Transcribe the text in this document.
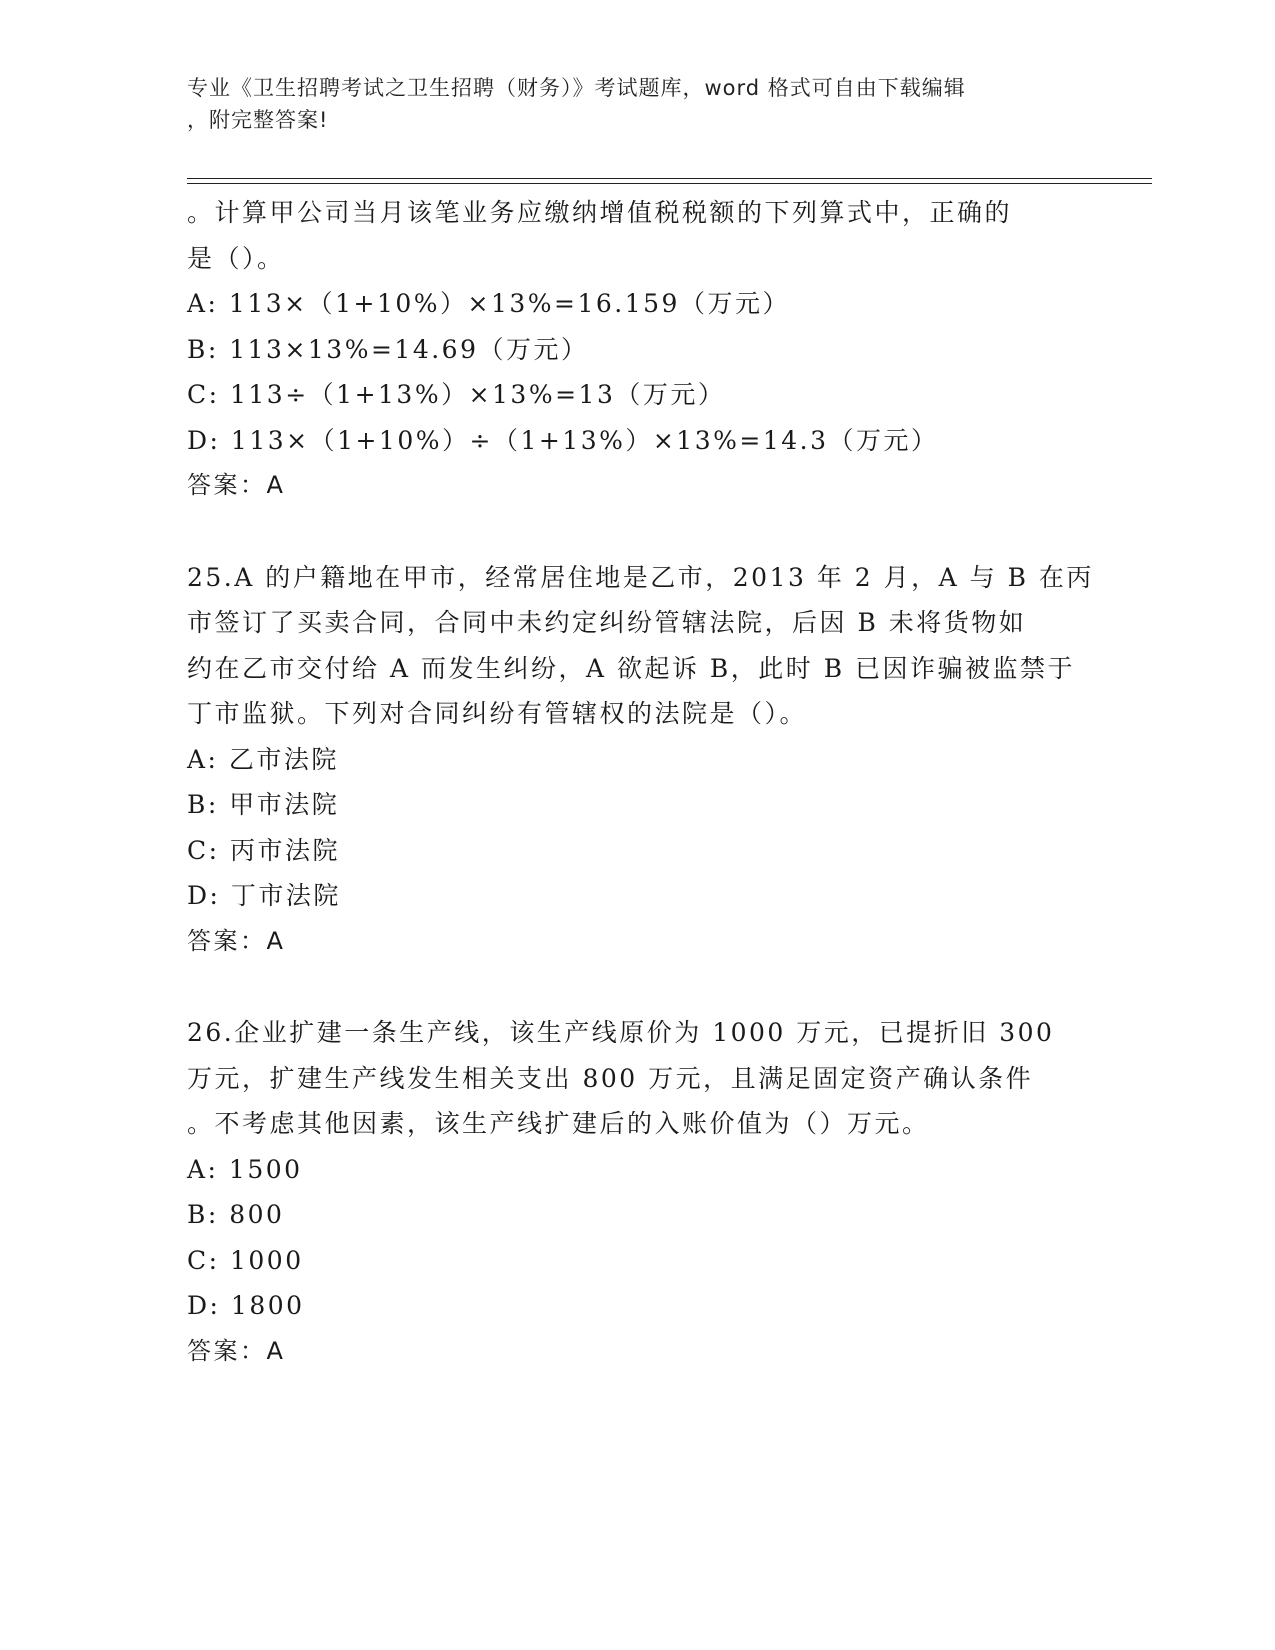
专业《卫生招聘考试之卫生招聘（财务）》考试题库，word 格式可自由下载编辑
，附完整答案!
。计算甲公司当月该笔业务应缴纳增值税税额的下列算式中，正确的
是（）。
A: 113×（1+10%）×13%=16.159（万元）
B: 113×13%=14.69（万元）
C: 113÷（1+13%）×13%=13（万元）
D: 113×（1+10%）÷（1+13%）×13%=14.3（万元）
答案：A
25.A 的户籍地在甲市，经常居住地是乙市，2013 年 2 月，A 与 B 在丙
市签订了买卖合同，合同中未约定纠纷管辖法院，后因 B 未将货物如
约在乙市交付给 A 而发生纠纷，A 欲起诉 B，此时 B 已因诈骗被监禁于
丁市监狱。下列对合同纠纷有管辖权的法院是（）。
A: 乙市法院
B: 甲市法院
C: 丙市法院
D: 丁市法院
答案：A
26.企业扩建一条生产线，该生产线原价为 1000 万元，已提折旧 300
万元，扩建生产线发生相关支出 800 万元，且满足固定资产确认条件
。不考虑其他因素，该生产线扩建后的入账价值为（）万元。
A: 1500
B: 800
C: 1000
D: 1800
答案：A
